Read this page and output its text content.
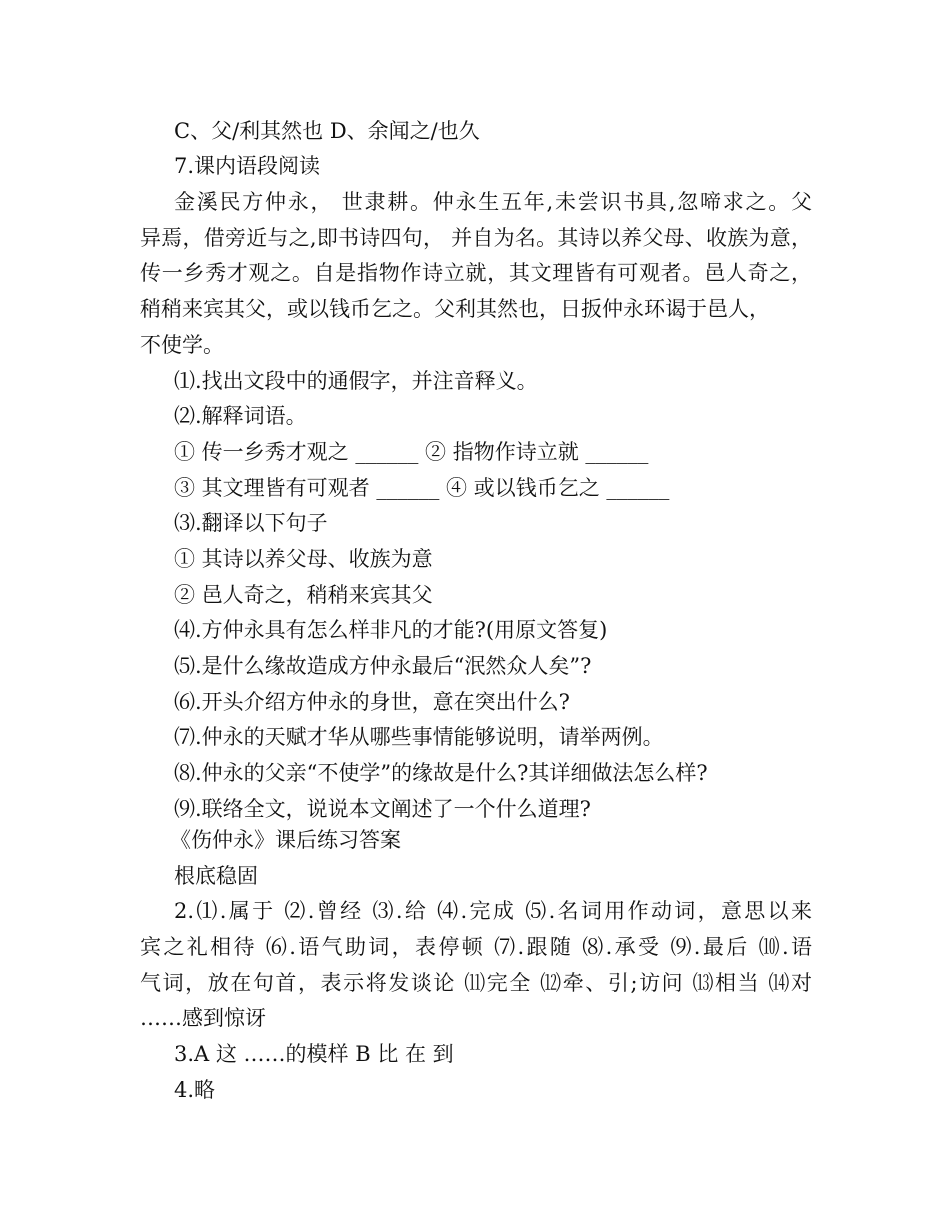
C、父/利其然也 D、余闻之/也久
7.课内语段阅读
金溪民方仲永， 世隶耕。仲永生五年,未尝识书具,忽啼求之。父
异焉，借旁近与之,即书诗四句， 并自为名。其诗以养父母、收族为意，
传一乡秀才观之。自是指物作诗立就，其文理皆有可观者。邑人奇之，
稍稍来宾其父，或以钱币乞之。父利其然也，日扳仲永环谒于邑人，
不使学。
⑴.找出文段中的通假字，并注音释义。
⑵.解释词语。
① 传一乡秀才观之 ______ ② 指物作诗立就 ______
③ 其文理皆有可观者 ______ ④ 或以钱币乞之 ______
⑶.翻译以下句子
① 其诗以养父母、收族为意
② 邑人奇之，稍稍来宾其父
⑷.方仲永具有怎么样非凡的才能?(用原文答复)
⑸.是什么缘故造成方仲永最后“泯然众人矣”?
⑹.开头介绍方仲永的身世，意在突出什么?
⑺.仲永的天赋才华从哪些事情能够说明，请举两例。
⑻.仲永的父亲“不使学”的缘故是什么?其详细做法怎么样?
⑼.联络全文，说说本文阐述了一个什么道理?
《伤仲永》课后练习答案
根底稳固
2.⑴.属于 ⑵.曾经 ⑶.给 ⑷.完成 ⑸.名词用作动词，意思以来
宾之礼相待 ⑹.语气助词，表停顿 ⑺.跟随 ⑻.承受 ⑼.最后 ⑽.语
气词，放在句首，表示将发谈论 ⑾完全 ⑿牵、引;访问 ⒀相当 ⒁对
……感到惊讶
3.A 这 ……的模样 B 比 在 到
4.略
